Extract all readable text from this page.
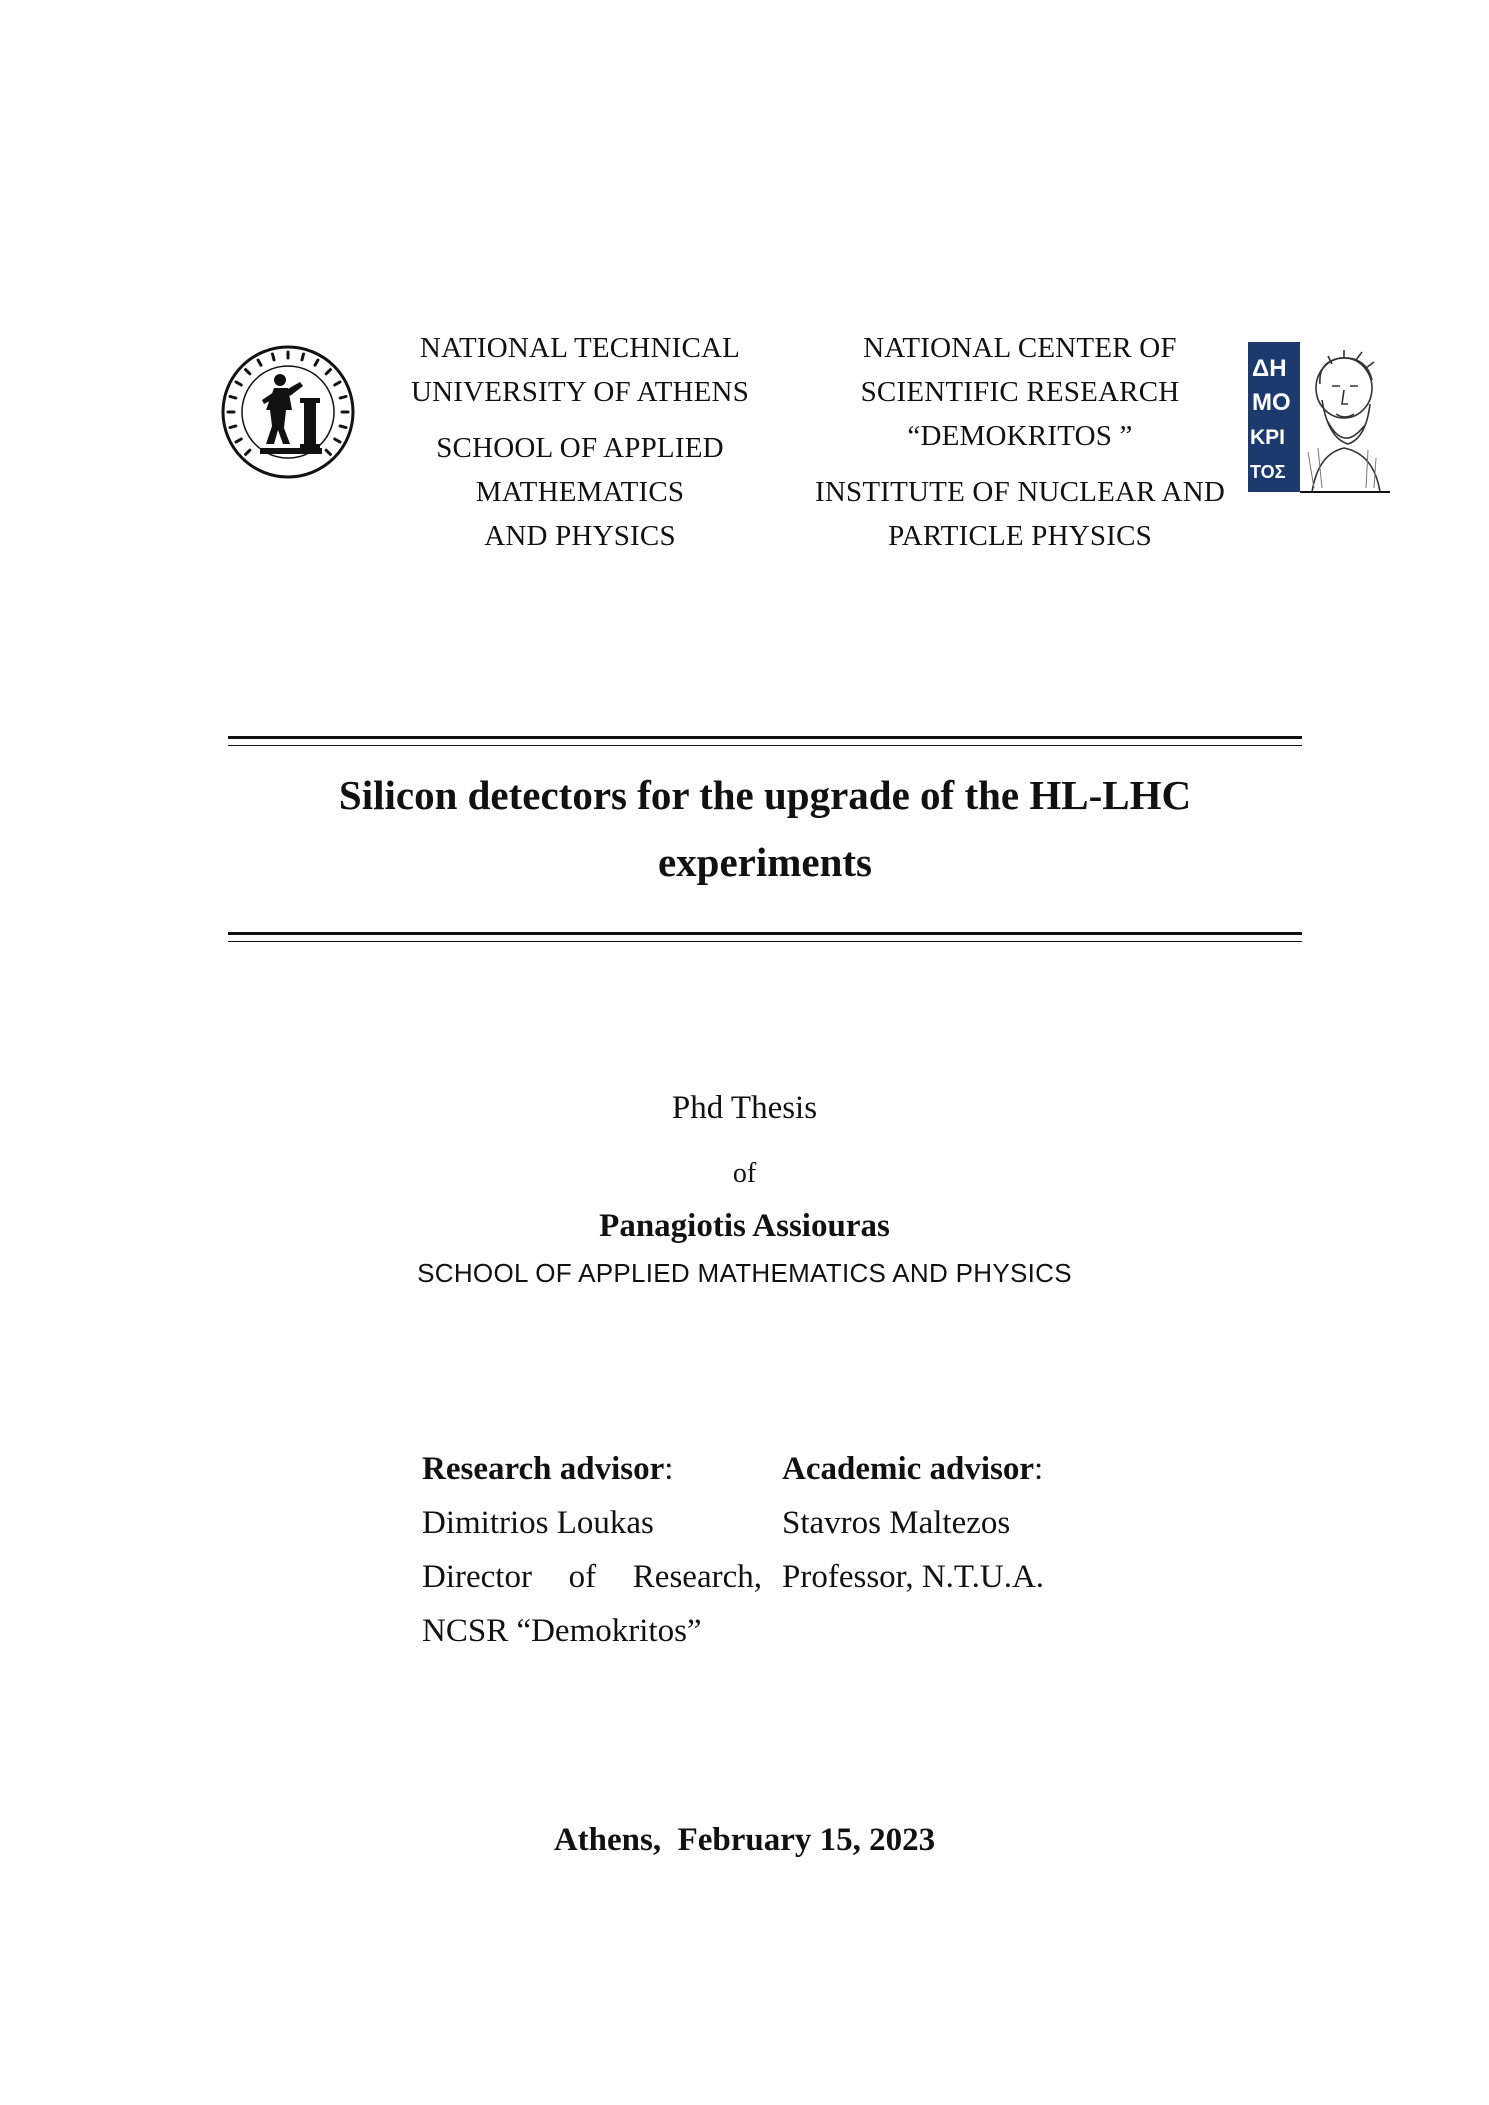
NATIONAL TECHNICAL

UNIVERSITY OF ATHENS

SCHOOL OF APPLIED

MATHEMATICS

AND PHYSICS

NATIONAL CENTER OF

SCIENTIFIC RESEARCH

“DEMOKRITOS ”

INSTITUTE OF NUCLEAR AND

PARTICLE PHYSICS

ΔΗ
ΜΟ
ΚΡΙ
ΤΟΣ
Silicon detectors for the upgrade of the HL-LHC
experiments
Phd Thesis
of
Panagiotis Assiouras
SCHOOL OF APPLIED MATHEMATICS AND PHYSICS

Research advisor:

Dimitrios Loukas

Director of Research,

NCSR “Demokritos”

Academic advisor:

Stavros Maltezos

Professor, N.T.U.A.

Athens, February 15, 2023
